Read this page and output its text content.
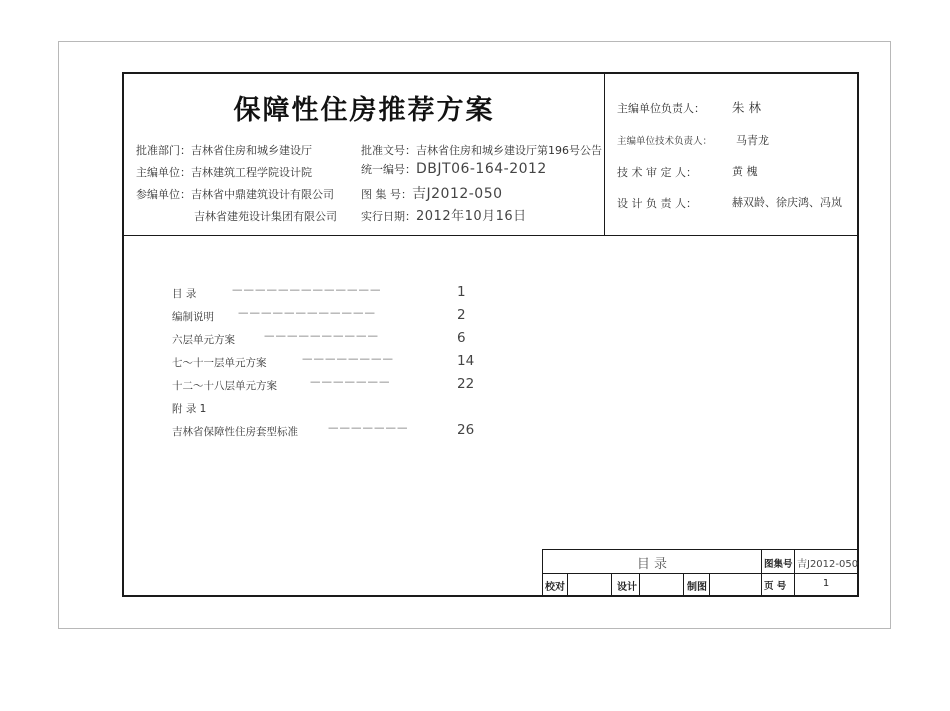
保障性住房推荐方案
批准部门：吉林省住房和城乡建设厅	批准文号：吉林省住房和城乡建设厅第196号公告
主编单位：吉林建筑工程学院设计院	统一编号：DBJT06-164-2012
参编单位：吉林省中鼎建筑设计有限公司
吉林省建苑设计集团有限公司
图 集 号：吉J2012-050
实行日期：2012年10月16日
主编单位负责人： 朱 林
主编单位技术负责人： 马青龙
技 术 审 定 人：	黄 槐
设 计 负 责 人：	赫双龄、徐庆鸿、冯岚
目 录	—————————————	1
编制说明 ————————————	2
六层单元方案	——————————	6
七～十一层单元方案	————————	14
十二～十八层单元方案	———————	22
附 录 1
吉林省保障性住房套型标准	———————	26
目 录	图集号 吉J2012-050
校对	设计	制图	页 号	1
